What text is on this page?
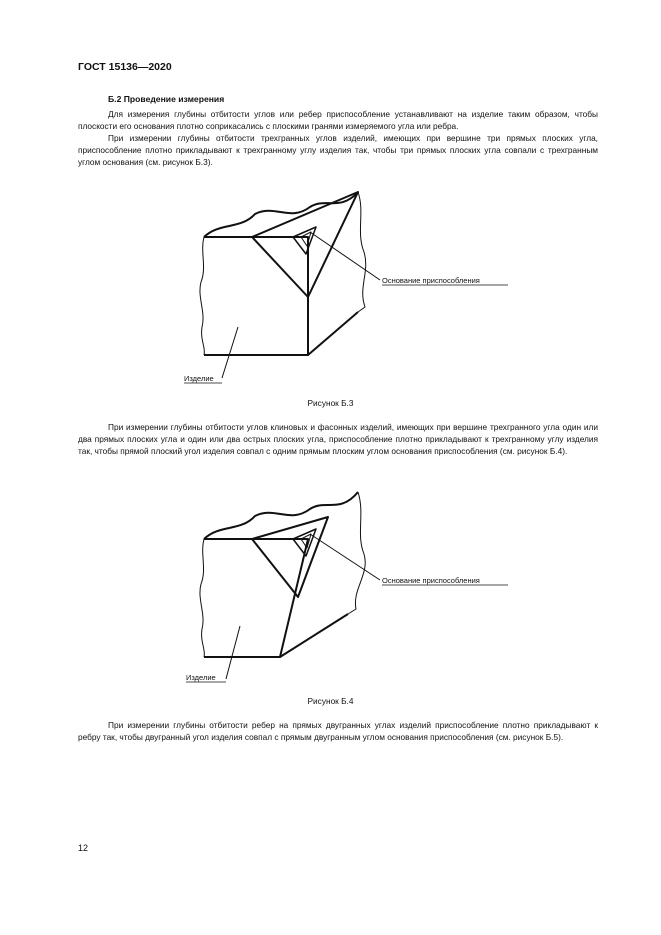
ГОСТ 15136—2020
Б.2 Проведение измерения

Для измерения глубины отбитости углов или ребер приспособление устанавливают на изделие таким образом, чтобы плоскости его основания плотно соприкасались с плоскими гранями измеряемого угла или ребра.

При измерении глубины отбитости трехгранных углов изделий, имеющих при вершине три прямых плоских угла, приспособление плотно прикладывают к трехгранному углу изделия так, чтобы три прямых плоских угла совпали с трехгранным углом основания (см. рисунок Б.3).

Основание приспособления
Изделие
Рисунок Б.3

При измерении глубины отбитости углов клиновых и фасонных изделий, имеющих при вершине трехгранного угла один или два прямых плоских угла и один или два острых плоских угла, приспособление плотно прикладывают к трехгранному углу изделия так, чтобы прямой плоский угол изделия совпал с одним прямым плоским углом основания приспособления (см. рисунок Б.4).

Основание приспособления
Изделие
Рисунок Б.4

При измерении глубины отбитости ребер на прямых двугранных углах изделий приспособление плотно прикладывают к ребру так, чтобы двугранный угол изделия совпал с прямым двугранным углом основания приспособления (см. рисунок Б.5).

12
